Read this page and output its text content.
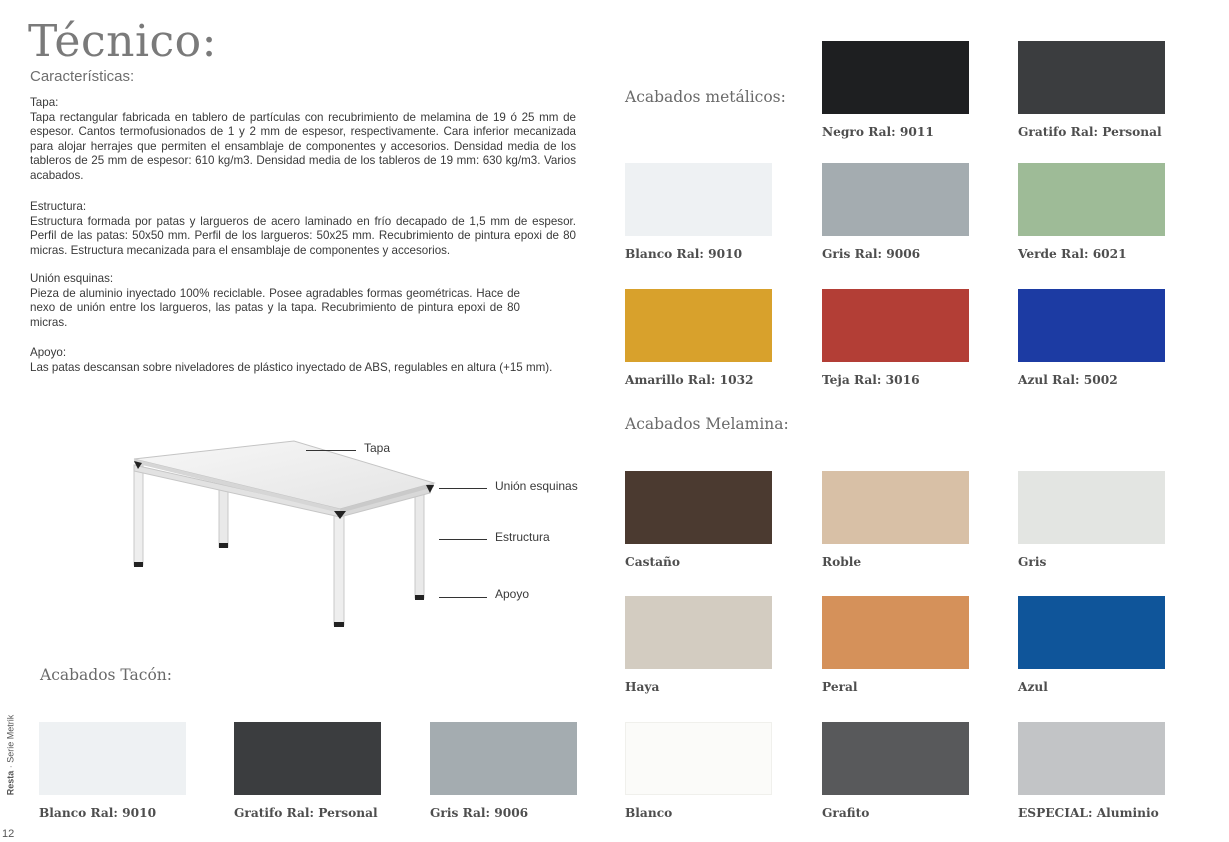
Técnico:
Características:

Tapa:

Tapa rectangular fabricada en tablero de partículas con recubrimiento de melamina de 19 ó 25 mm de espesor. Cantos termofusionados de 1 y 2 mm de espesor, respectivamente. Cara inferior mecanizada para alojar herrajes que permiten el ensamblaje de componentes y accesorios. Densidad media de los tableros de 25 mm de espesor: 610 kg/m3. Densidad media de los tableros de 19 mm: 630 kg/m3. Varios acabados.

Estructura:

Estructura formada por patas y largueros de acero laminado en frío decapado de 1,5 mm de espesor. Perfil de las patas: 50x50 mm. Perfil de los largueros: 50x25 mm. Recubrimiento de pintura epoxi de 80 micras. Estructura mecanizada para el ensamblaje de componentes y accesorios.

Unión esquinas:

Pieza de aluminio inyectado 100% reciclable. Posee agradables formas geométricas. Hace de nexo de unión entre los largueros, las patas y la tapa. Recubrimiento de pintura epoxi de 80 micras.

Apoyo:

Las patas descansan sobre niveladores de plástico inyectado de ABS, regulables en altura (+15 mm).

Tapa
Unión esquinas
Estructura
Apoyo
Acabados metálicos:
Negro Ral: 9011	Gratifo Ral: Personal
Blanco Ral: 9010	Gris Ral: 9006	Verde Ral: 6021
Amarillo Ral: 1032	Teja Ral: 3016	Azul Ral: 5002
Acabados Melamina:
Castaño	Roble	Gris
Haya	Peral	Azul
Blanco	Grafito	ESPECIAL: Aluminio
Acabados Tacón:
Blanco Ral: 9010	Gratifo Ral: Personal	Gris Ral: 9006
Resta · Serie Metrik
12
